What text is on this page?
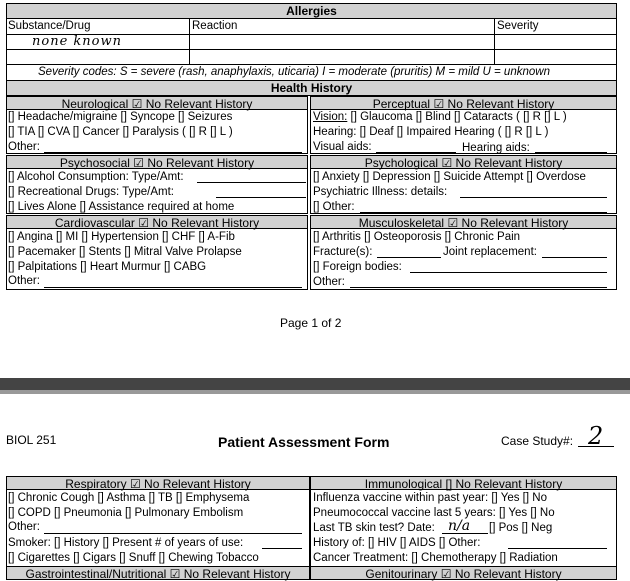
Allergies
Substance/Drug	Reaction	Severity
none known
Severity codes: S = severe (rash, anaphylaxis, uticaria) I = moderate (pruritis) M = mild U = unknown
Health History
Neurological ☑ No Relevant History
[] Headache/migraine [] Syncope [] Seizures
[] TIA [] CVA [] Cancer [] Paralysis ( [] R [] L )
Other:
Perceptual ☑ No Relevant History
Vision: [] Glaucoma [] Blind [] Cataracts ( [] R [] L )
Hearing: [] Deaf [] Impaired Hearing ( [] R [] L )
Visual aids:	Hearing aids:
Psychosocial ☑ No Relevant History
[] Alcohol Consumption: Type/Amt:
[] Recreational Drugs: Type/Amt:
[] Lives Alone [] Assistance required at home
Psychological ☑ No Relevant History
[] Anxiety [] Depression [] Suicide Attempt [] Overdose
Psychiatric Illness: details:
[] Other:
Cardiovascular ☑ No Relevant History
[] Angina [] MI [] Hypertension [] CHF [] A-Fib
[] Pacemaker [] Stents [] Mitral Valve Prolapse
[] Palpitations [] Heart Murmur [] CABG
Other:
Musculoskeletal ☑ No Relevant History
[] Arthritis [] Osteoporosis [] Chronic Pain
Fracture(s):	Joint replacement:
[] Foreign bodies:
Other:
Page 1 of 2
BIOL 251	Patient Assessment Form	Case Study#: 2
Respiratory ☑ No Relevant History
[] Chronic Cough [] Asthma [] TB [] Emphysema
[] COPD [] Pneumonia [] Pulmonary Embolism
Other:
Smoker: [] History [] Present # of years of use:
[] Cigarettes [] Cigars [] Snuff [] Chewing Tobacco
Immunological [] No Relevant History
Influenza vaccine within past year: [] Yes [] No
Pneumococcal vaccine last 5 years: [] Yes [] No
Last TB skin test? Date: n/a [] Pos [] Neg
History of: [] HIV [] AIDS [] Other:
Cancer Treatment: [] Chemotherapy [] Radiation
Gastrointestinal/Nutritional ☑ No Relevant History	Genitourinary ☑ No Relevant History
